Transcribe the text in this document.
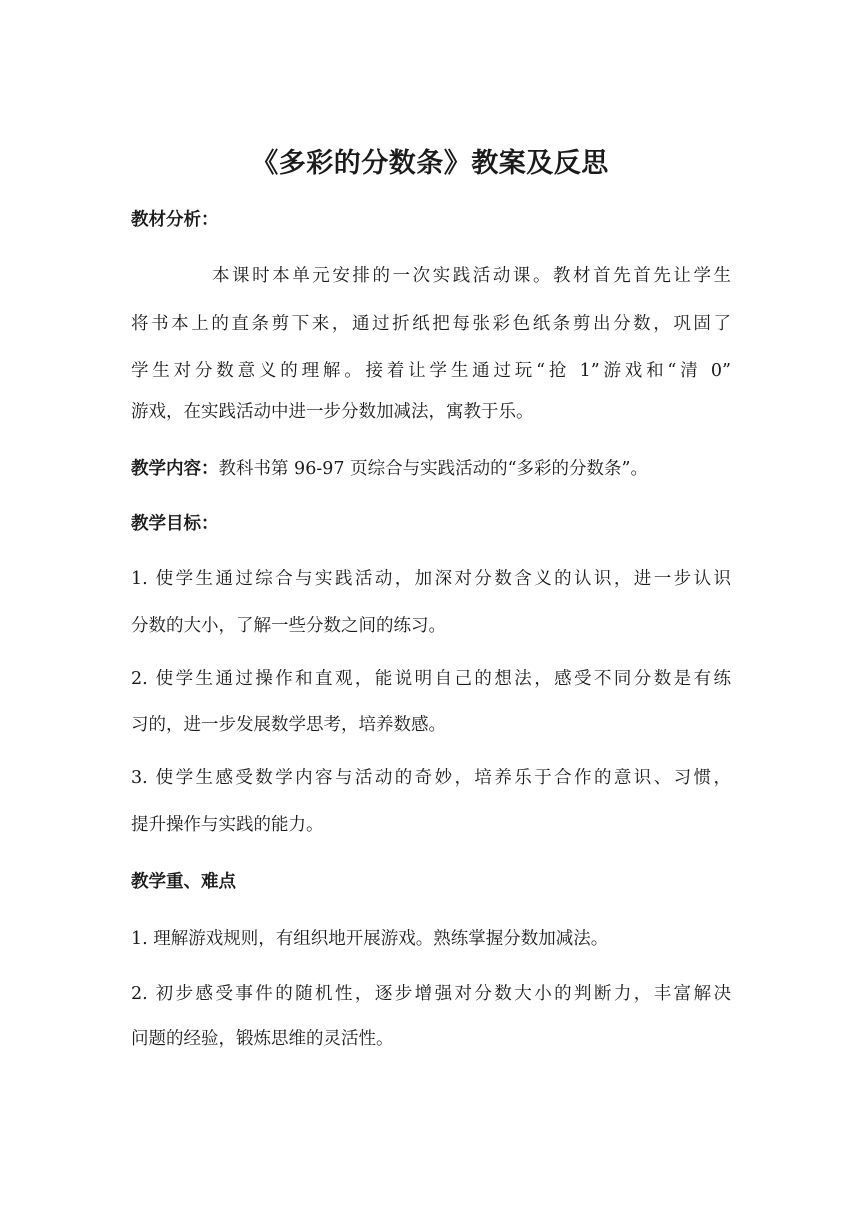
《多彩的分数条》教案及反思
教材分析：
本课时本单元安排的一次实践活动课。教材首先首先让学生
将书本上的直条剪下来，通过折纸把每张彩色纸条剪出分数，巩固了
学生对分数意义的理解。接着让学生通过玩“抢 1”游戏和“清 0”
游戏，在实践活动中进一步分数加减法，寓教于乐。
教学内容：教科书第 96-97 页综合与实践活动的“多彩的分数条”。
教学目标：
1. 使学生通过综合与实践活动，加深对分数含义的认识，进一步认识
分数的大小，了解一些分数之间的练习。
2. 使学生通过操作和直观，能说明自己的想法，感受不同分数是有练
习的，进一步发展数学思考，培养数感。
3. 使学生感受数学内容与活动的奇妙，培养乐于合作的意识、习惯，
提升操作与实践的能力。
教学重、难点
1. 理解游戏规则，有组织地开展游戏。熟练掌握分数加减法。
2. 初步感受事件的随机性，逐步增强对分数大小的判断力，丰富解决
问题的经验，锻炼思维的灵活性。
